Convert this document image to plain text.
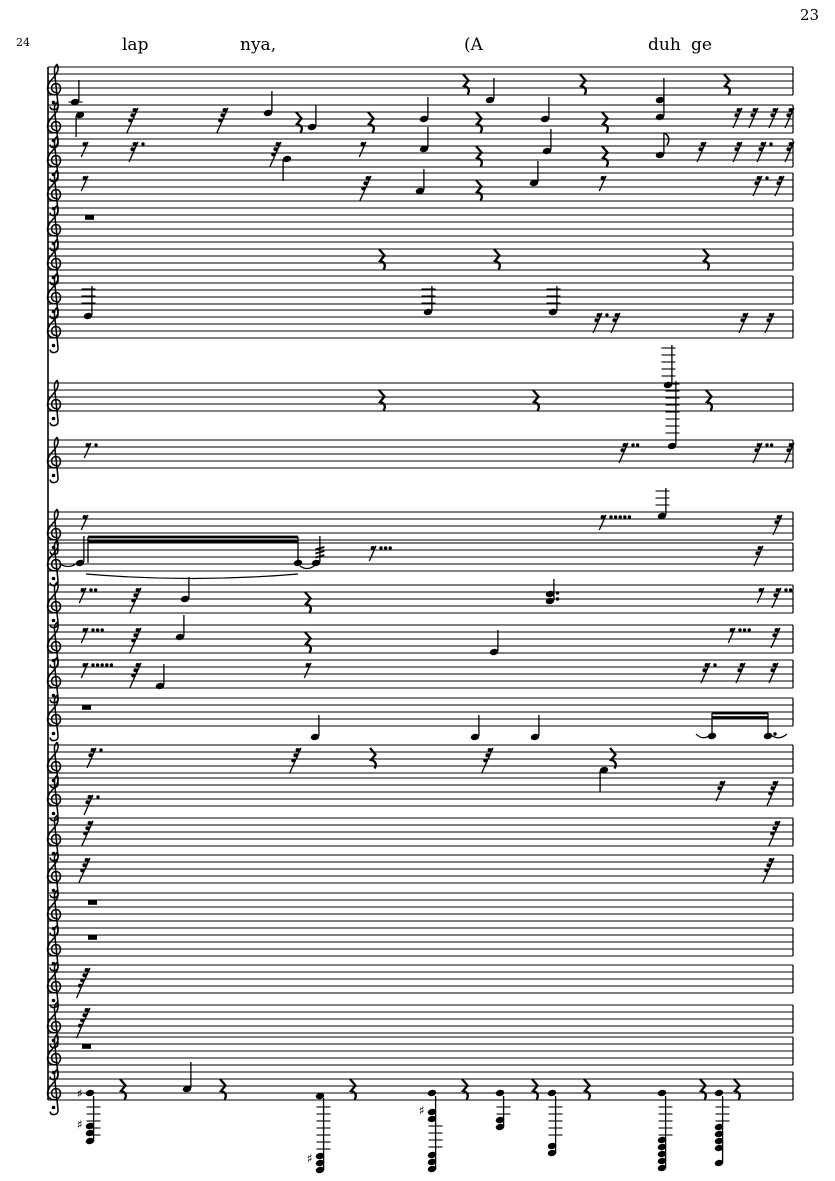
23
24
♯
♯
♯
♯
lap	nya,	(A	duh ge
